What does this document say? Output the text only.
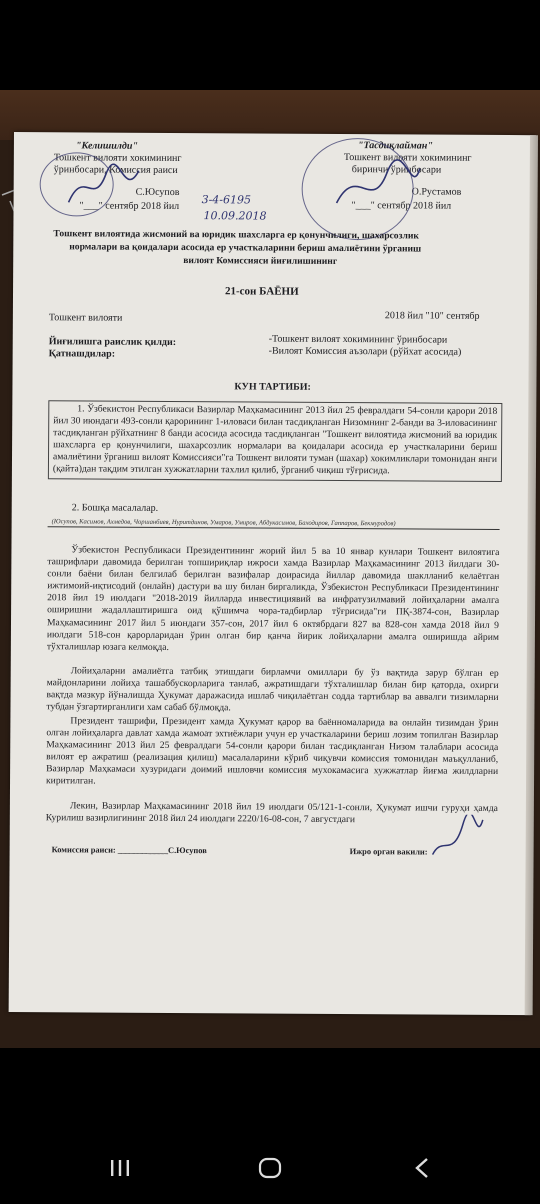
"Келишилди"
Тошкент вилояти хокимининг
ўринбосари, Комиссия раиси
С.Юсупов
"___" сентябр 2018 йил 3-4-6195
10.09.2018
"Тасдиқлайман"
Тошкент вилояти хокимининг
биринчи ўринбосари
О.Рустамов
"___" сентябр 2018 йил
Тошкент вилоятида жисмоний ва юридик шахсларга ер қонунчилиги, шахарсозлик
нормалари ва қоидалари асосида ер участкаларини бериш амалиётини ўрганиш
вилоят Комиссияси йиғилишининг
21-сон БАЁНИ
Тошкент вилояти	2018 йил "10" сентябр
Йиғилишга раислик қилди:	-Тошкент вилоят хокимининг ўринбосари
Қатнашдилар:	-Вилоят Комиссия аъзолари (рўйхат асосида)
КУН ТАРТИБИ:
1. Ўзбекистон Республикаси Вазирлар Маҳкамасининг 2013 йил 25 февралдаги 54-сонли қарори 2018 йил 30 июндаги 493-сонли қарорининг 1-иловаси билан тасдиқланган Низомнинг 2-банди ва 3-иловасининг тасдиқланган рўйхатнинг 8 банди асосида асосида тасдиқланган "Тошкент вилоятида жисмоний ва юридик шахсларга ер қонунчилиги, шахарсозлик нормалари ва қоидалари асосида ер участкаларини бериш амалиётини ўрганиш вилоят Комиссияси"га Тошкент вилояти туман (шахар) хокимликлари томонидан янги (қайта)дан тақдим этилган хужжатларни тахлил қилиб, ўрганиб чиқиш тўғрисида.
2. Бошқа масалалар.
(Юсупов, Касимов, Ахмедов, Чоршанбиев, Нуритдинов, Умаров, Умиров, Абдукасимов, Баходиров, Гаппаров, Бекмуродов)
Ўзбекистон Республикаси Президентининг жорий йил 5 ва 10 январ кунлари Тошкент вилоятига ташрифлари давомида берилган топшириқлар ижроси хамда Вазирлар Маҳкамасининг 2013 йилдаги 30-сонли баёни билан белгилаб берилган вазифалар доирасида йиллар давомида шаклланиб келаётган ижтимоий-иқтисодий (онлайн) дастури ва шу билан биргаликда, Ўзбекистон Республикаси Президентининг 2018 йил 19 июлдаги "2018-2019 йилларда инвестициявий ва инфратузилмавий лойиҳаларни амалга оширишни жадаллаштиришга оид қўшимча чора-тадбирлар тўғрисида"ги ПҚ-3874-сон, Вазирлар Маҳкамасининг 2017 йил 5 июндаги 357-сон, 2017 йил 6 октябрдаги 827 ва 828-сон хамда 2018 йил 9 июлдаги 518-сон қарорларидан ўрин олган бир қанча йирик лойиҳаларни амалга оширишда айрим тўхталишлар юзага келмоқда.
Лойиҳаларни амалиётга татбиқ этишдаги бирламчи омиллари бу ўз вақтида зарур бўлган ер майдонларини лойиҳа ташаббускорларига танлаб, ажратишдаги тўхталишлар билан бир қаторда, охирги вақтда мазкур йўналишда Ҳукумат даражасида ишлаб чиқилаётган содда тартиблар ва аввалги тизимларни тубдан ўзгартирганлиги хам сабаб бўлмоқда.
Президент ташрифи, Президент хамда Ҳукумат қарор ва баённомаларида ва онлайн тизимдан ўрин олган лойиҳаларга давлат хамда жамоат эхтиёжлари учун ер участкаларини бериш лозим топилган Вазирлар Маҳкамасининг 2013 йил 25 февралдаги 54-сонли қарори билан тасдиқланган Низом талаблари асосида вилоят ер ажратиш (реализация қилиш) масалаларини кўриб чиқувчи комиссия томонидан маъқулланиб, Вазирлар Маҳкамаси хузуридаги доимий ишловчи комиссия мухокамасига хужжатлар йиғма жилдларни киритилган.
Лекин, Вазирлар Маҳкамасининг 2018 йил 19 июлдаги 05/121-1-сонли, Ҳукумат ишчи гуруҳи ҳамда Курилиш вазирлигининг 2018 йил 24 июлдаги 2220/16-08-сон, 7 августдаги
Комиссия раиси: ____________С.Юсупов	Ижро орган вакили:
